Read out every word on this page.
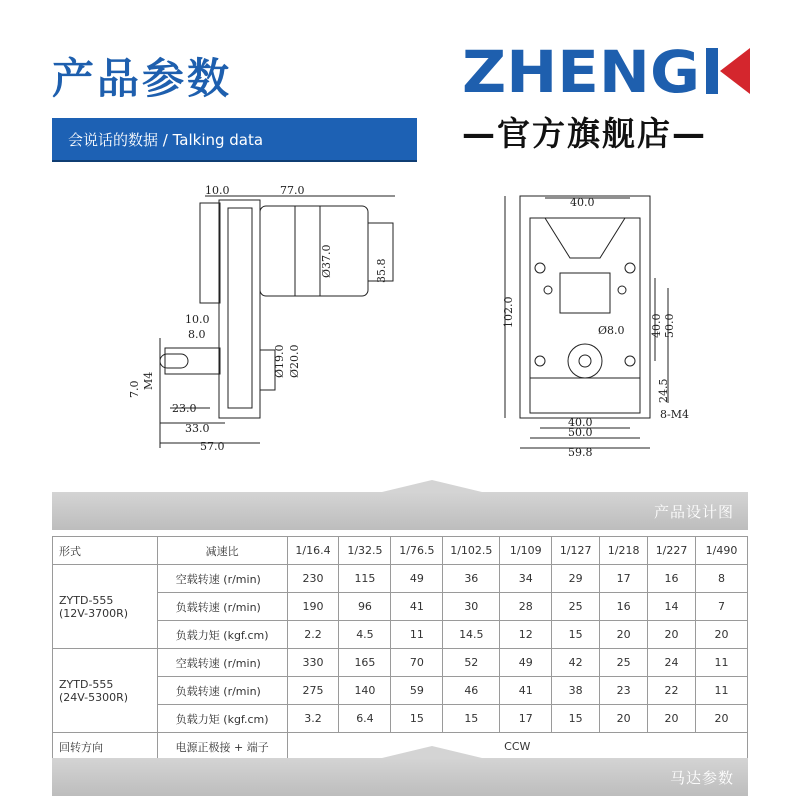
产品参数	ZHENG
—官方旗舰店—
会说话的数据 / Talking data
10.0	77.0
Ø37.0	35.8
10.0
8.0
7.0 M4
Ø19.0 Ø20.0
23.0
33.0
57.0
40.0
102.0
Ø8.0 40.0 50.0
24.5
8-M4
40.0
50.0
59.8
产品设计图
形式	减速比	1/16.4	1/32.5	1/76.5	1/102.5	1/109	1/127	1/218	1/227	1/490

ZYTD-555
(12V-3700R)	空载转速 (r/min)	230	115	49	36	34	29	17	16	8
	负载转速 (r/min)	190	96	41	30	28	25	16	14	7
	负载力矩 (kgf.cm)	2.2	4.5	11	14.5	12	15	20	20	20

ZYTD-555
(24V-5300R)	空载转速 (r/min)	330	165	70	52	49	42	25	24	11
	负载转速 (r/min)	275	140	59	46	41	38	23	22	11
	负载力矩 (kgf.cm)	3.2	6.4	15	15	17	15	20	20	20
回转方向	电源正极接 + 端子	CCW								
马达参数
